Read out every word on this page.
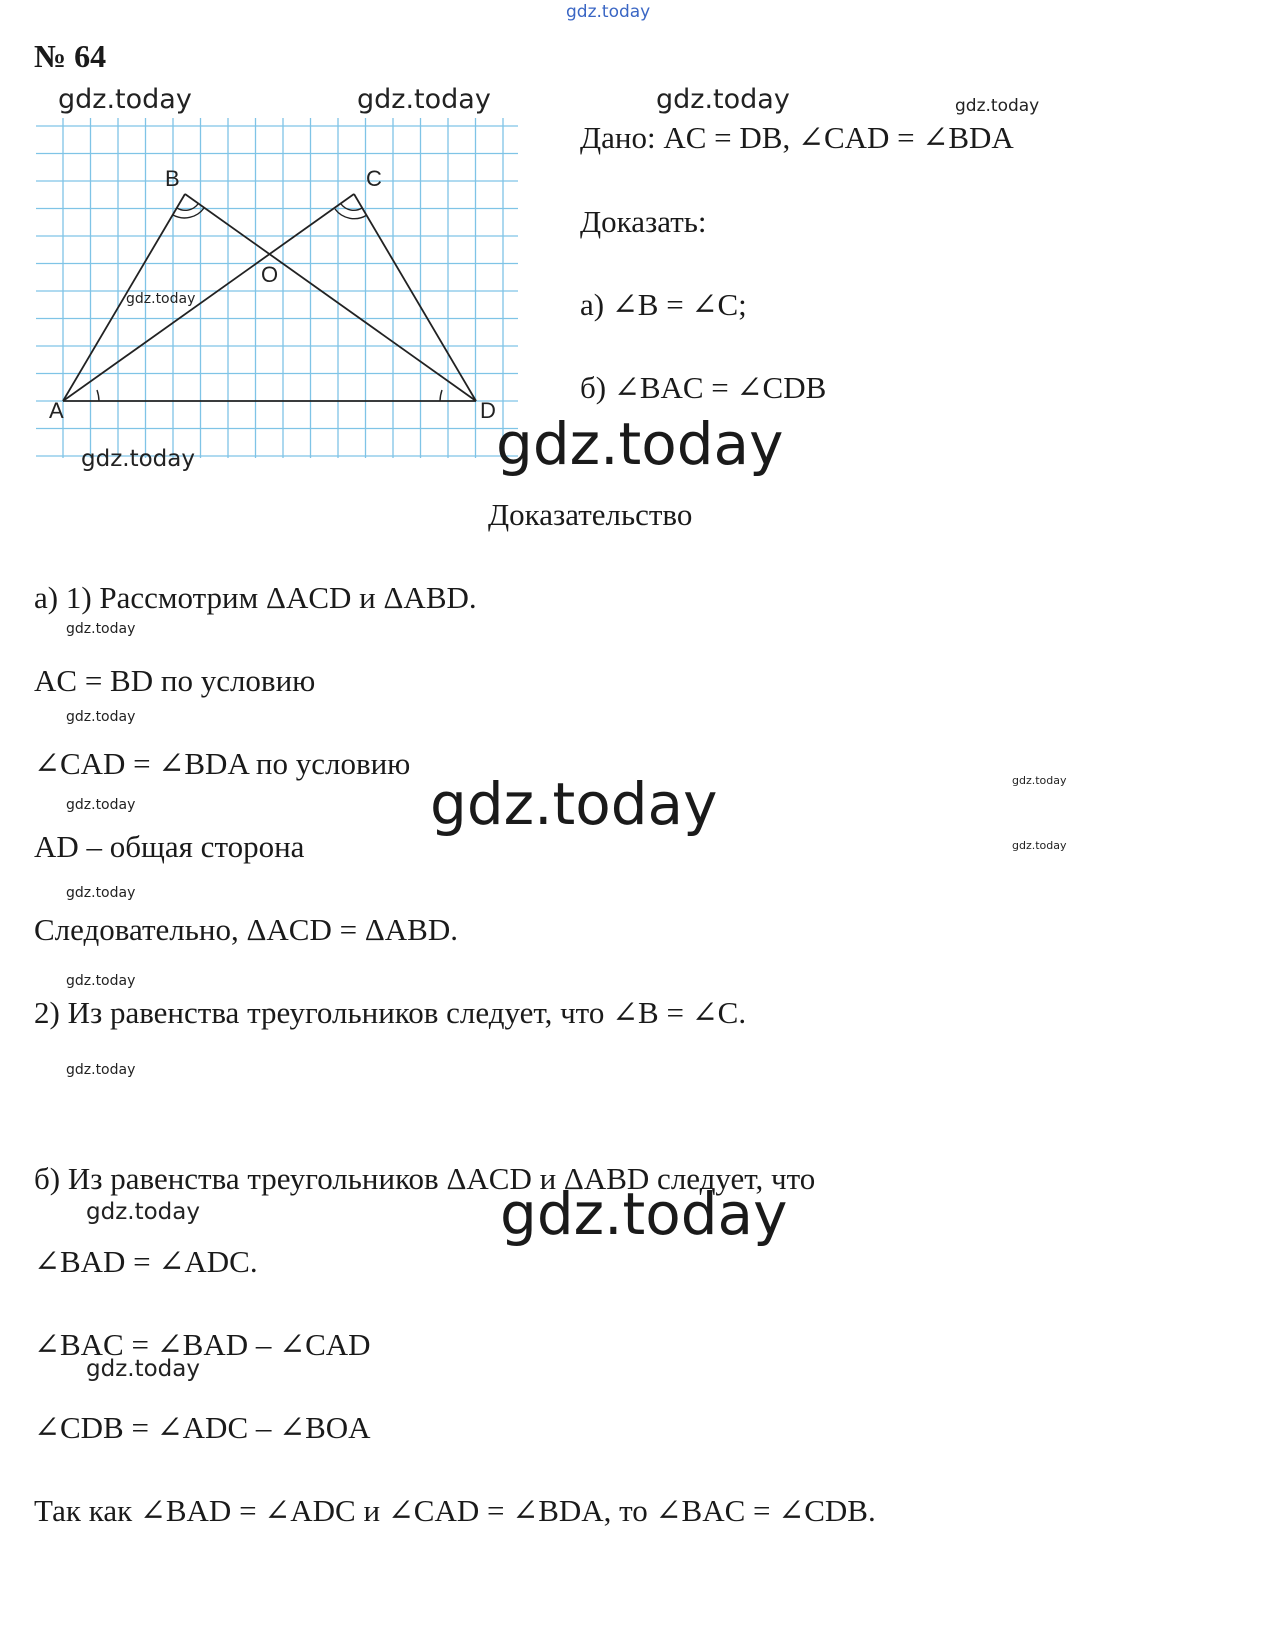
gdz.today
№ 64
gdz.today	gdz.today	gdz.today	gdz.today
B	C
O
A	D
gdz.today
gdz.today
Дано: AC = DB, ∠CAD = ∠BDA
Доказать:
а) ∠B = ∠C;
б) ∠BAC = ∠CDB
gdz.today
Доказательство
а) 1) Рассмотрим ΔACD и ΔABD.
gdz.today
AC = BD по условию
gdz.today
∠CAD = ∠BDA по условию
gdz.today
gdz.today
gdz.today
AD – общая сторона	gdz.today
gdz.today
Следовательно, ΔACD = ΔABD.
gdz.today
2) Из равенства треугольников следует, что ∠B = ∠C.
gdz.today
б) Из равенства треугольников ΔACD и ΔABD следует, что
gdz.today	gdz.today
∠BAD = ∠ADC.
∠BAC = ∠BAD – ∠CAD
gdz.today
∠CDB = ∠ADC – ∠BOA
Так как ∠BAD = ∠ADC и ∠CAD = ∠BDA, то ∠BAC = ∠CDB.
